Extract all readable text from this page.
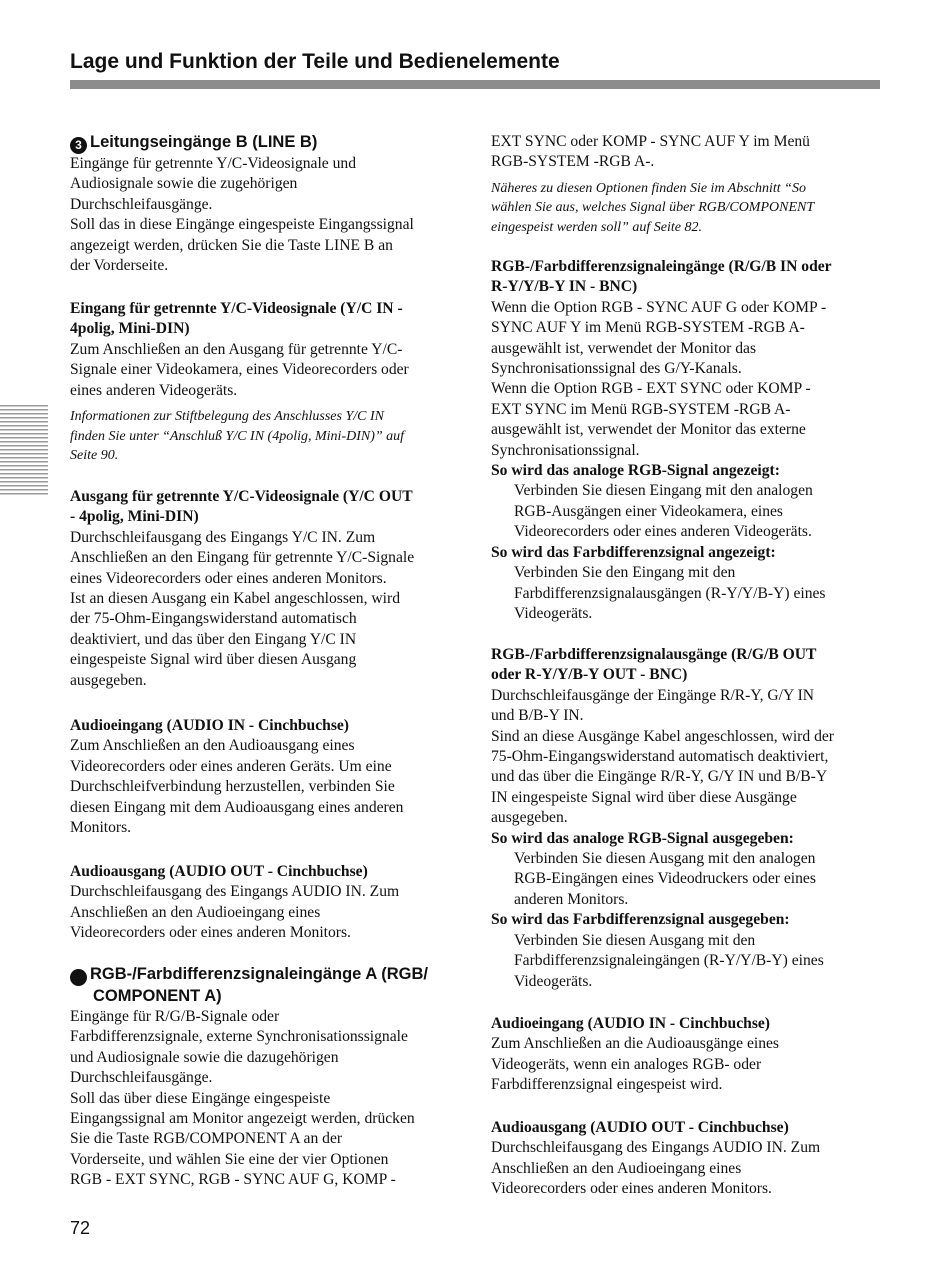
Lage und Funktion der Teile und Bedienelemente

3 Leitungseingänge B (LINE B)

Eingänge für getrennte Y/C-Videosignale und
Audiosignale sowie die zugehörigen
Durchschleifausgänge.
Soll das in diese Eingänge eingespeiste Eingangssignal
angezeigt werden, drücken Sie die Taste LINE B an
der Vorderseite.
Eingang für getrennte Y/C-Videosignale (Y/C IN -
4polig, Mini-DIN)
Zum Anschließen an den Ausgang für getrennte Y/C-
Signale einer Videokamera, eines Videorecorders oder
eines anderen Videogeräts.
Informationen zur Stiftbelegung des Anschlusses Y/C IN
finden Sie unter “Anschluß Y/C IN (4polig, Mini-DIN)” auf
Seite 90.
Ausgang für getrennte Y/C-Videosignale (Y/C OUT
- 4polig, Mini-DIN)
Durchschleifausgang des Eingangs Y/C IN. Zum
Anschließen an den Eingang für getrennte Y/C-Signale
eines Videorecorders oder eines anderen Monitors.
Ist an diesen Ausgang ein Kabel angeschlossen, wird
der 75-Ohm-Eingangswiderstand automatisch
deaktiviert, und das über den Eingang Y/C IN
eingespeiste Signal wird über diesen Ausgang
ausgegeben.

Audioeingang (AUDIO IN - Cinchbuchse)

Zum Anschließen an den Audioausgang eines
Videorecorders oder eines anderen Geräts. Um eine
Durchschleifverbindung herzustellen, verbinden Sie
diesen Eingang mit dem Audioausgang eines anderen
Monitors.

Audioausgang (AUDIO OUT - Cinchbuchse)

Durchschleifausgang des Eingangs AUDIO IN. Zum
Anschließen an den Audioeingang eines
Videorecorders oder eines anderen Monitors.
4 RGB-/Farbdifferenzsignaleingänge A (RGB/
COMPONENT A)
Eingänge für R/G/B-Signale oder
Farbdifferenzsignale, externe Synchronisationssignale
und Audiosignale sowie die dazugehörigen
Durchschleifausgänge.
Soll das über diese Eingänge eingespeiste
Eingangssignal am Monitor angezeigt werden, drücken
Sie die Taste RGB/COMPONENT A an der
Vorderseite, und wählen Sie eine der vier Optionen
RGB - EXT SYNC, RGB - SYNC AUF G, KOMP -
EXT SYNC oder KOMP - SYNC AUF Y im Menü
RGB-SYSTEM -RGB A-.
Näheres zu diesen Optionen finden Sie im Abschnitt “So
wählen Sie aus, welches Signal über RGB/COMPONENT
eingespeist werden soll” auf Seite 82.
RGB-/Farbdifferenzsignaleingänge (R/G/B IN oder
R-Y/Y/B-Y IN - BNC)
Wenn die Option RGB - SYNC AUF G oder KOMP -
SYNC AUF Y im Menü RGB-SYSTEM -RGB A-
ausgewählt ist, verwendet der Monitor das
Synchronisationssignal des G/Y-Kanals.
Wenn die Option RGB - EXT SYNC oder KOMP -
EXT SYNC im Menü RGB-SYSTEM -RGB A-
ausgewählt ist, verwendet der Monitor das externe
Synchronisationssignal.

So wird das analoge RGB-Signal angezeigt:

Verbinden Sie diesen Eingang mit den analogen
RGB-Ausgängen einer Videokamera, eines
Videorecorders oder eines anderen Videogeräts.

So wird das Farbdifferenzsignal angezeigt:

Verbinden Sie den Eingang mit den
Farbdifferenzsignalausgängen (R-Y/Y/B-Y) eines
Videogeräts.
RGB-/Farbdifferenzsignalausgänge (R/G/B OUT
oder R-Y/Y/B-Y OUT - BNC)
Durchschleifausgänge der Eingänge R/R-Y, G/Y IN
und B/B-Y IN.
Sind an diese Ausgänge Kabel angeschlossen, wird der
75-Ohm-Eingangswiderstand automatisch deaktiviert,
und das über die Eingänge R/R-Y, G/Y IN und B/B-Y
IN eingespeiste Signal wird über diese Ausgänge
ausgegeben.

So wird das analoge RGB-Signal ausgegeben:

Verbinden Sie diesen Ausgang mit den analogen
RGB-Eingängen eines Videodruckers oder eines
anderen Monitors.

So wird das Farbdifferenzsignal ausgegeben:

Verbinden Sie diesen Ausgang mit den
Farbdifferenzsignaleingängen (R-Y/Y/B-Y) eines
Videogeräts.

Audioeingang (AUDIO IN - Cinchbuchse)

Zum Anschließen an die Audioausgänge eines
Videogeräts, wenn ein analoges RGB- oder
Farbdifferenzsignal eingespeist wird.

Audioausgang (AUDIO OUT - Cinchbuchse)

Durchschleifausgang des Eingangs AUDIO IN. Zum
Anschließen an den Audioeingang eines
Videorecorders oder eines anderen Monitors.
72
